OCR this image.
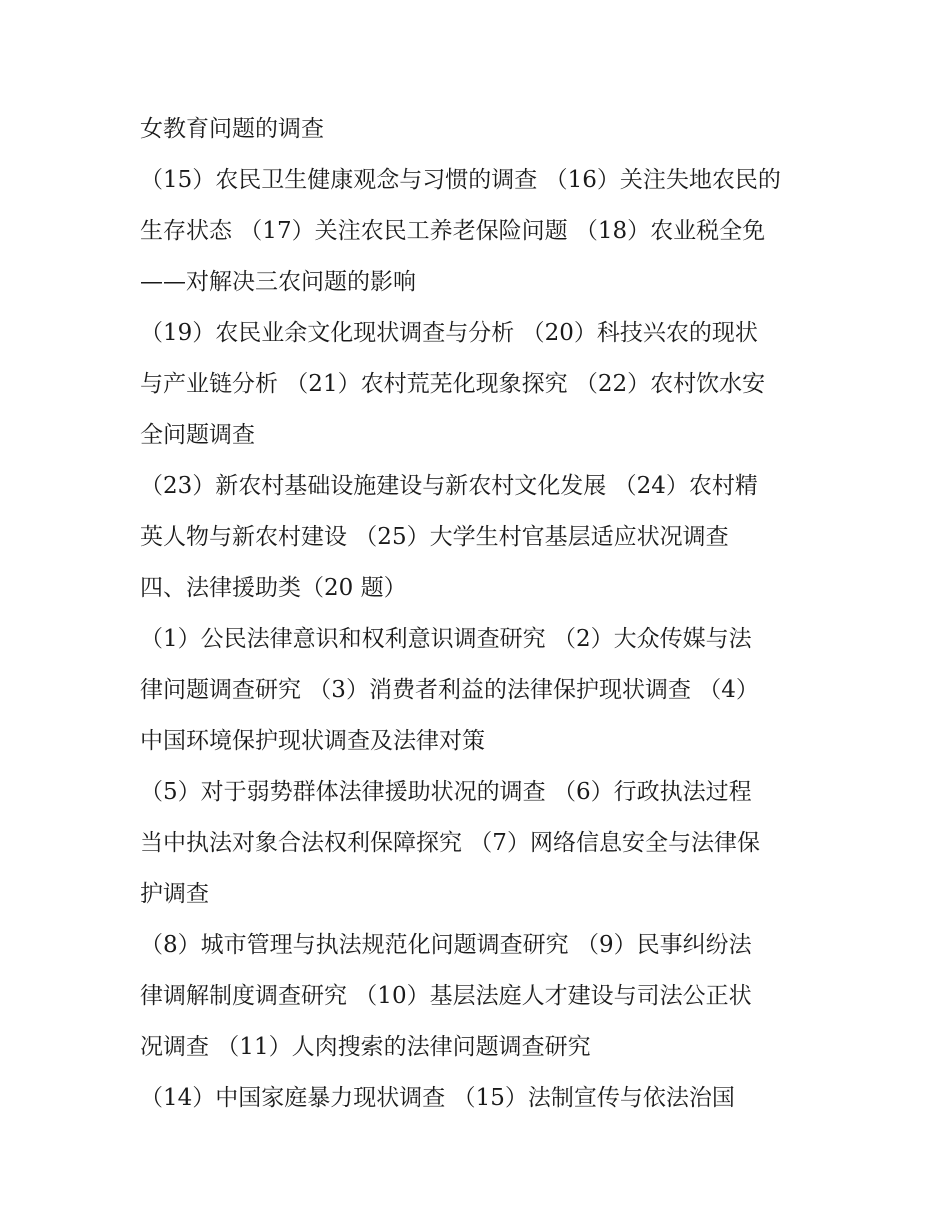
女教育问题的调查
（15）农民卫生健康观念与习惯的调查 （16）关注失地农民的
生存状态 （17）关注农民工养老保险问题 （18）农业税全免
——对解决三农问题的影响
（19）农民业余文化现状调查与分析 （20）科技兴农的现状
与产业链分析 （21）农村荒芜化现象探究 （22）农村饮水安
全问题调查
（23）新农村基础设施建设与新农村文化发展 （24）农村精
英人物与新农村建设 （25）大学生村官基层适应状况调查
四、法律援助类（20 题）
（1）公民法律意识和权利意识调查研究 （2）大众传媒与法
律问题调查研究 （3）消费者利益的法律保护现状调查 （4）
中国环境保护现状调查及法律对策
（5）对于弱势群体法律援助状况的调查 （6）行政执法过程
当中执法对象合法权利保障探究 （7）网络信息安全与法律保
护调查
（8）城市管理与执法规范化问题调查研究 （9）民事纠纷法
律调解制度调查研究 （10）基层法庭人才建设与司法公正状
况调查 （11）人肉搜索的法律问题调查研究
（14）中国家庭暴力现状调查 （15）法制宣传与依法治国
